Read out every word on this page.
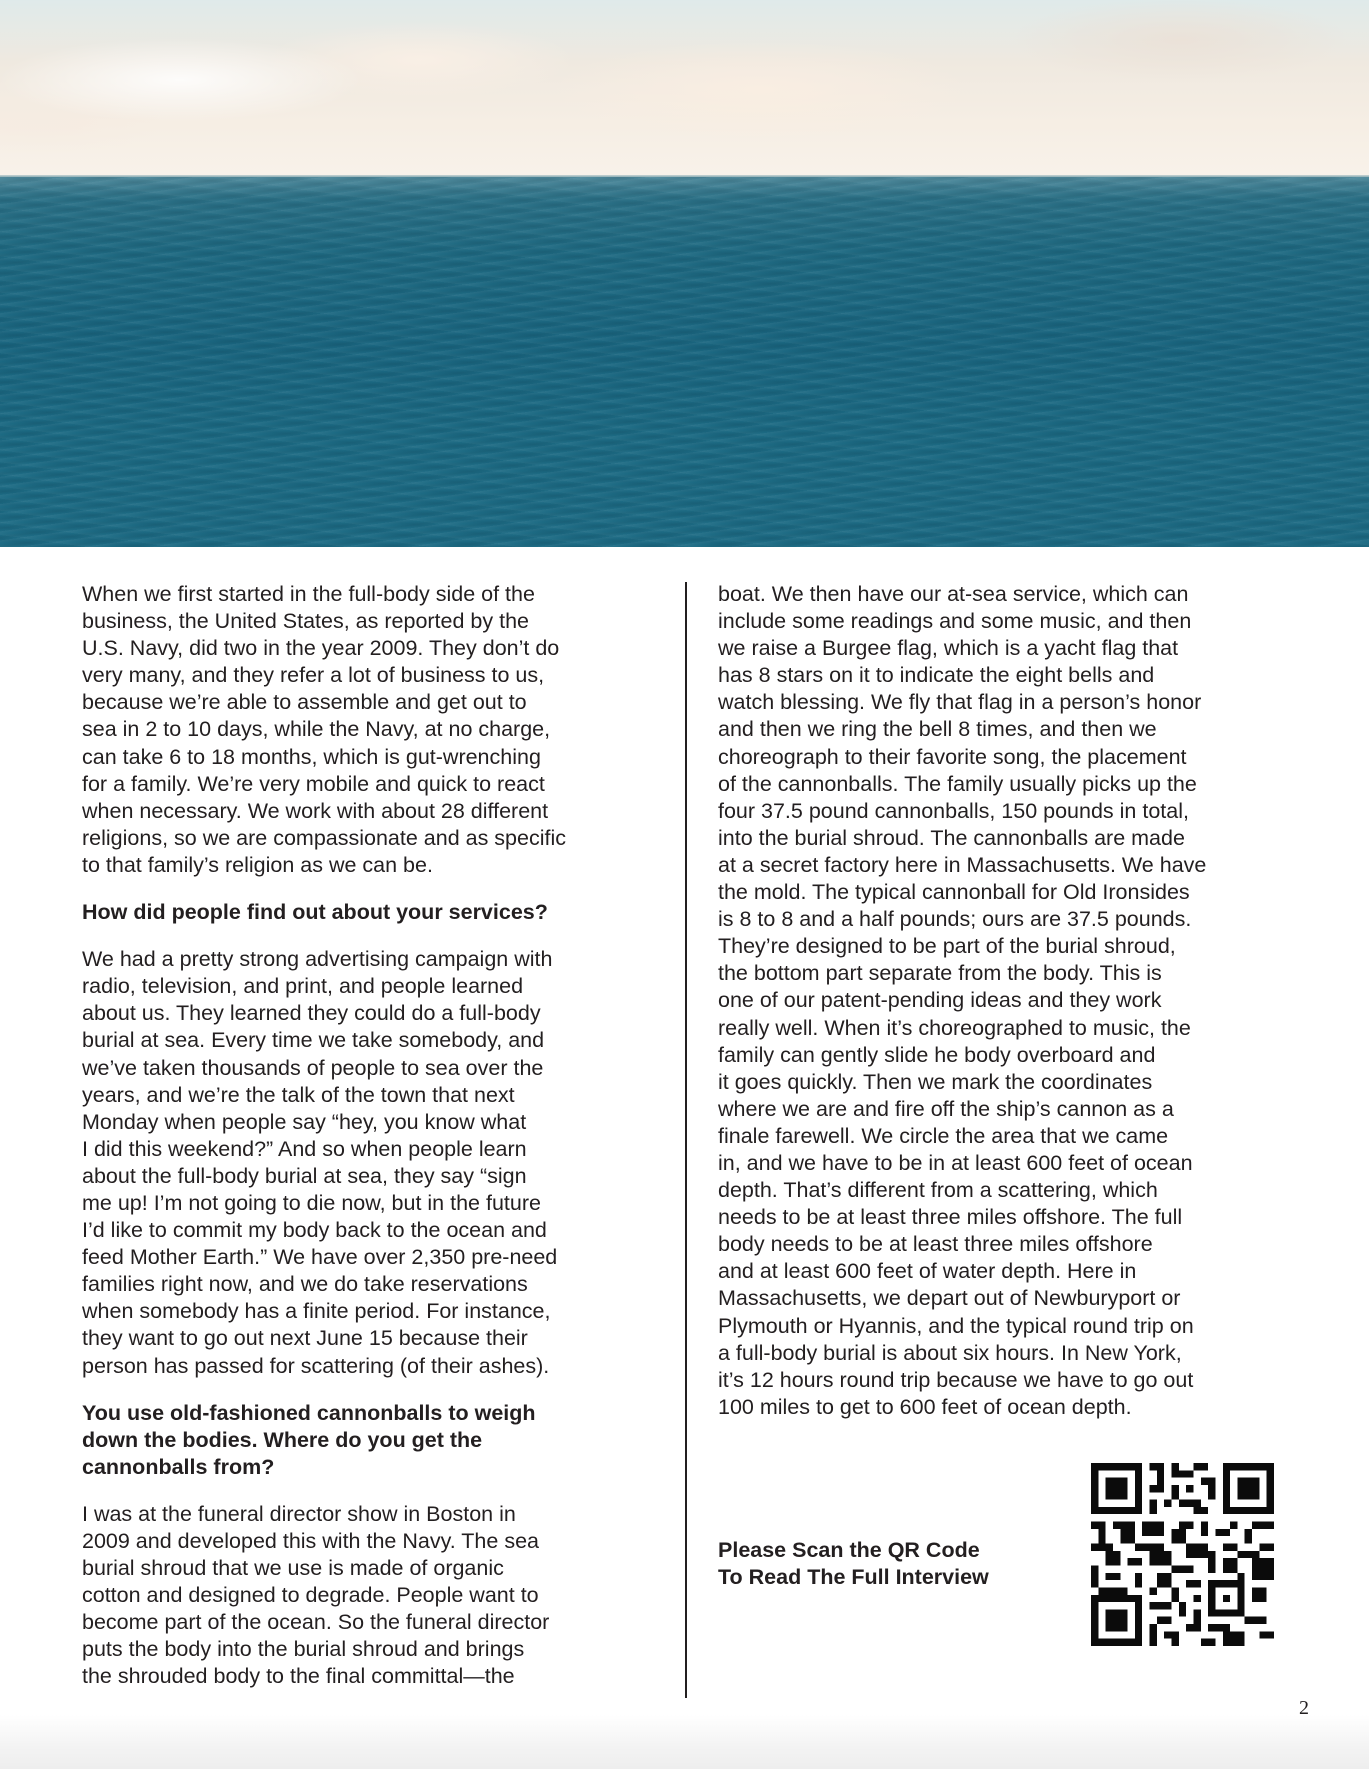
When we first started in the full-body side of the
business, the United States, as reported by the
U.S. Navy, did two in the year 2009. They don’t do
very many, and they refer a lot of business to us,
because we’re able to assemble and get out to
sea in 2 to 10 days, while the Navy, at no charge,
can take 6 to 18 months, which is gut-wrenching
for a family. We’re very mobile and quick to react
when necessary. We work with about 28 different
religions, so we are compassionate and as specific
to that family’s religion as we can be.

How did people find out about your services?

We had a pretty strong advertising campaign with
radio, television, and print, and people learned
about us. They learned they could do a full-body
burial at sea. Every time we take somebody, and
we’ve taken thousands of people to sea over the
years, and we’re the talk of the town that next
Monday when people say “hey, you know what
I did this weekend?” And so when people learn
about the full-body burial at sea, they say “sign
me up! I’m not going to die now, but in the future
I’d like to commit my body back to the ocean and
feed Mother Earth.” We have over 2,350 pre-need
families right now, and we do take reservations
when somebody has a finite period. For instance,
they want to go out next June 15 because their
person has passed for scattering (of their ashes).

You use old-fashioned cannonballs to weigh
down the bodies. Where do you get the
cannonballs from?

I was at the funeral director show in Boston in
2009 and developed this with the Navy. The sea
burial shroud that we use is made of organic
cotton and designed to degrade. People want to
become part of the ocean. So the funeral director
puts the body into the burial shroud and brings
the shrouded body to the final committal—the

boat. We then have our at-sea service, which can
include some readings and some music, and then
we raise a Burgee flag, which is a yacht flag that
has 8 stars on it to indicate the eight bells and
watch blessing. We fly that flag in a person’s honor
and then we ring the bell 8 times, and then we
choreograph to their favorite song, the placement
of the cannonballs. The family usually picks up the
four 37.5 pound cannonballs, 150 pounds in total,
into the burial shroud. The cannonballs are made
at a secret factory here in Massachusetts. We have
the mold. The typical cannonball for Old Ironsides
is 8 to 8 and a half pounds; ours are 37.5 pounds.
They’re designed to be part of the burial shroud,
the bottom part separate from the body. This is
one of our patent-pending ideas and they work
really well. When it’s choreographed to music, the
family can gently slide he body overboard and
it goes quickly. Then we mark the coordinates
where we are and fire off the ship’s cannon as a
finale farewell. We circle the area that we came
in, and we have to be in at least 600 feet of ocean
depth. That’s different from a scattering, which
needs to be at least three miles offshore. The full
body needs to be at least three miles offshore
and at least 600 feet of water depth. Here in
Massachusetts, we depart out of Newburyport or
Plymouth or Hyannis, and the typical round trip on
a full-body burial is about six hours. In New York,
it’s 12 hours round trip because we have to go out
100 miles to get to 600 feet of ocean depth.

Please Scan the QR Code
To Read The Full Interview
2
